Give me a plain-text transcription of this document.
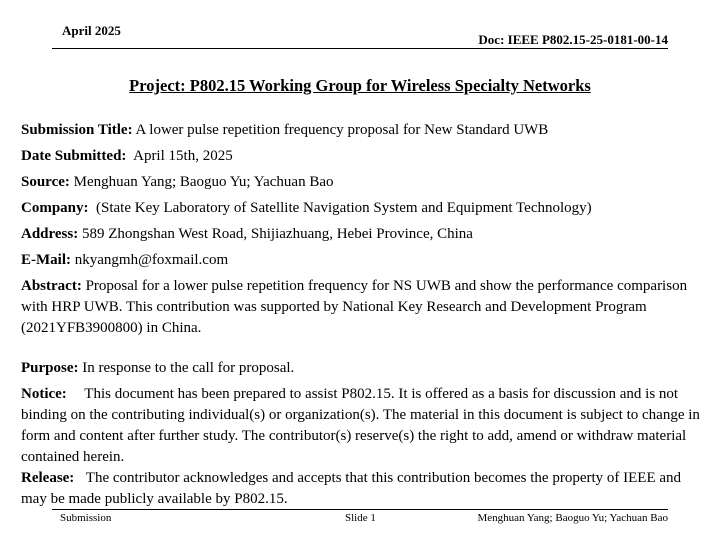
April 2025
Doc: IEEE P802.15-25-0181-00-14
Project: P802.15 Working Group for Wireless Specialty Networks

Submission Title: A lower pulse repetition frequency proposal for New Standard UWB

Date Submitted: April 15th, 2025

Source: Menghuan Yang; Baoguo Yu; Yachuan Bao

Company: (State Key Laboratory of Satellite Navigation System and Equipment Technology)

Address: 589 Zhongshan West Road, Shijiazhuang, Hebei Province, China

E-Mail: nkyangmh@foxmail.com

Abstract: Proposal for a lower pulse repetition frequency for NS UWB and show the performance comparison with HRP UWB. This contribution was supported by National Key Research and Development Program (2021YFB3900800) in China.

Purpose: In response to the call for proposal.

Notice: This document has been prepared to assist P802.15. It is offered as a basis for discussion and is not binding on the contributing individual(s) or organization(s). The material in this document is subject to change in form and content after further study. The contributor(s) reserve(s) the right to add, amend or withdraw material contained herein.

Release: The contributor acknowledges and accepts that this contribution becomes the property of IEEE and may be made publicly available by P802.15.

Submission	Slide 1	Menghuan Yang; Baoguo Yu; Yachuan Bao
